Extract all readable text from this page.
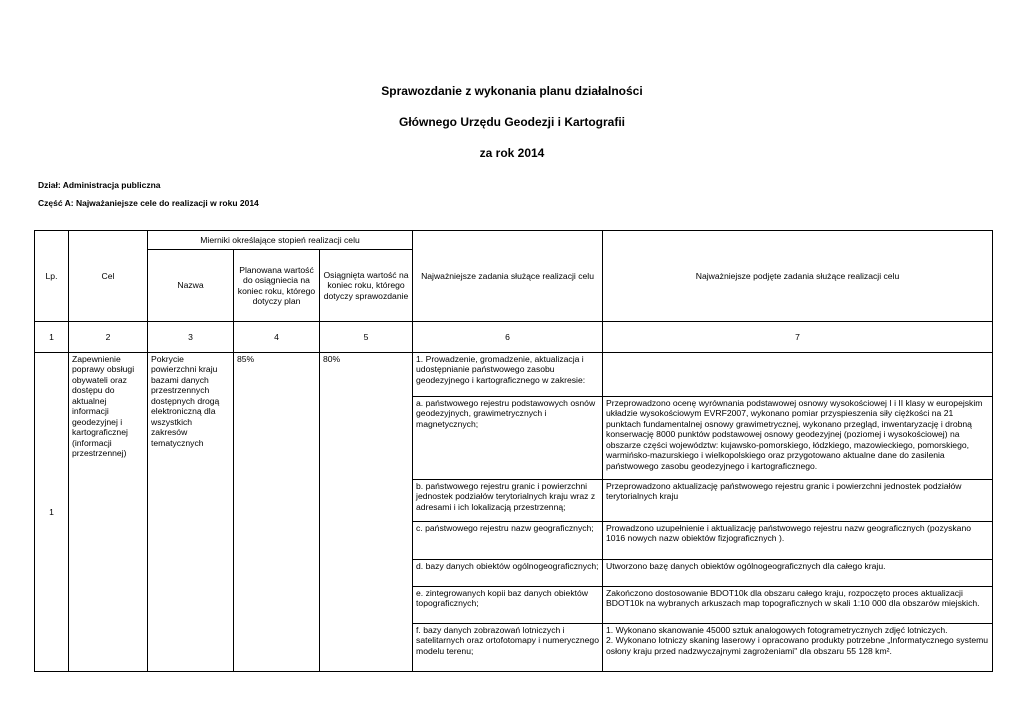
Sprawozdanie z wykonania planu działalności
Głównego Urzędu Geodezji i Kartografii
za rok 2014
Dział: Administracja publiczna
Część A: Najważaniejsze cele do realizacji w roku 2014
Lp.	Cel	Mierniki określające stopień realizacji celu			Najważniejsze zadania służące realizacji celu	Najważniejsze podjęte zadania służące realizacji celu
		Nazwa	Planowana wartość do osiągniecia na koniec roku, którego dotyczy plan	Osiągnięta wartość na koniec roku, którego dotyczy sprawozdanie		
1	2	3	4	5	6	7
1	Zapewnienie poprawy obsługi obywateli oraz dostępu do aktualnej informacji geodezyjnej i kartograficznej (informacji przestrzennej)	Pokrycie powierzchni kraju bazami danych przestrzennych dostępnych drogą elektroniczną dla wszystkich zakresów tematycznych	85%	80%	1. Prowadzenie, gromadzenie, aktualizacja i udostępnianie państwowego zasobu geodezyjnego i kartograficznego w zakresie:	
					a. państwowego rejestru podstawowych osnów geodezyjnych, grawimetrycznych i magnetycznych;	Przeprowadzono ocenę wyrównania podstawowej osnowy wysokościowej I i II klasy w europejskim układzie wysokościowym EVRF2007, wykonano pomiar przyspieszenia siły ciężkości na 21 punktach fundamentalnej osnowy grawimetrycznej, wykonano przegląd, inwentaryzację i drobną konserwację 8000 punktów podstawowej osnowy geodezyjnej (poziomej i wysokościowej) na obszarze części województw: kujawsko-pomorskiego, łódzkiego, mazowieckiego, pomorskiego, warmińsko-mazurskiego i wielkopolskiego oraz przygotowano aktualne dane do zasilenia państwowego zasobu geodezyjnego i kartograficznego.
					b. państwowego rejestru granic i powierzchni jednostek podziałów terytorialnych kraju wraz z adresami i ich lokalizacją przestrzenną;	Przeprowadzono aktualizację państwowego rejestru granic i powierzchni jednostek podziałów terytorialnych kraju
					c. państwowego rejestru nazw geograficznych;	Prowadzono uzupełnienie i aktualizację państwowego rejestru nazw geograficznych (pozyskano 1016 nowych nazw obiektów fizjograficznych ).
					d. bazy danych obiektów ogólnogeograficznych;	Utworzono bazę danych obiektów ogólnogeograficznych dla całego kraju.
					e. zintegrowanych kopii baz danych obiektów topograficznych;	Zakończono dostosowanie BDOT10k dla obszaru całego kraju, rozpoczęto proces aktualizacji BDOT10k na wybranych arkuszach map topograficznych w skali 1:10 000 dla obszarów miejskich.
					f. bazy danych zobrazowań lotniczych i satelitarnych oraz ortofotomapy i numerycznego modelu terenu;	1. Wykonano skanowanie 45000 sztuk analogowych fotogrametrycznych zdjęć lotniczych.
2. Wykonano lotniczy skaning laserowy i opracowano produkty potrzebne „Informatycznego systemu osłony kraju przed nadzwyczajnymi zagrożeniami" dla obszaru 55 128 km².
